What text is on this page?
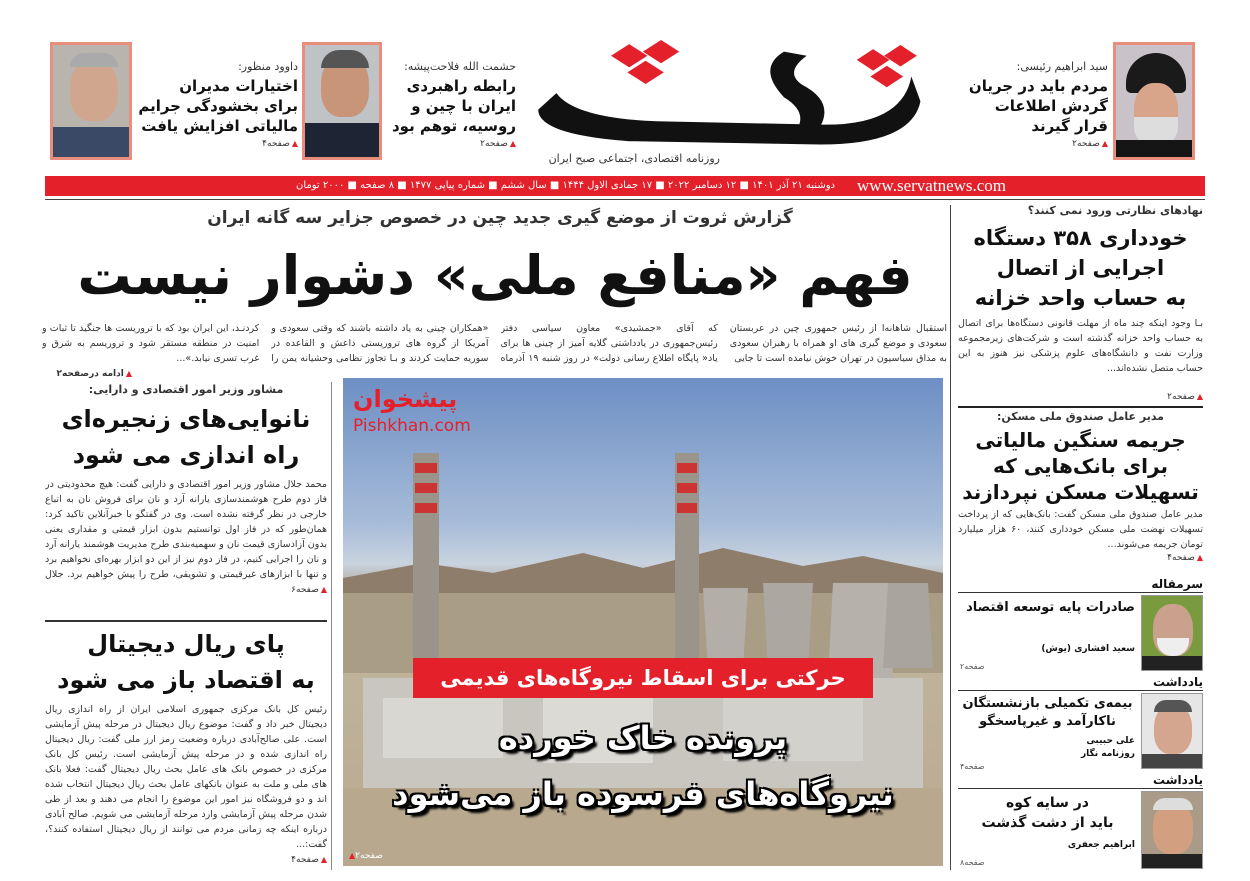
روزنامه اقتصادی، اجتماعی صبح ایران
سید ابراهیم رئیسی:
مردم باید در جریان
گردش اطلاعات
قرار گیرند
▲ صفحه۲
حشمت الله فلاحت‌پیشه:
رابطه راهبردی
ایران با چین و
روسیه، توهم بود
▲ صفحه۲
داوود منظور:
اختیارات مدیران
برای بخشودگی جرایم
مالیاتی افزایش یافت
▲ صفحه۴
www.servatnews.com
دوشنبه ۲۱ آذر ۱۴۰۱ ■ ۱۲ دسامبر ۲۰۲۲ ■ ۱۷ جمادی الاول ۱۴۴۴ ■ سال ششم ■ شماره پیاپی ۱۴۷۷ ■ ۸ صفحه ■ ۲۰۰۰ تومان
گزارش ثروت از موضع گیری جدید چین در خصوص جزایر سه گانه ایران
فهم «منافع ملی» دشوار نیست
استقبال شاهانه‌ا از رئیس جمهوری چین در عربستان سعودی و موضع گیری های او همراه با رهبران سعودی به مذاق سیاسیون در تهران خوش نیامده است تا جایی
که آقای «جمشیدی» معاون سیاسی دفتر رئیس‌جمهوری در یادداشتی گلایه آمیز از چینی ها برای یاد« پایگاه اطلاع رسانی دولت» در روز شنبه ۱۹ آذرماه
«همکاران چینی به یاد داشته باشند که وقتی سعودی و آمریکا از گروه های تروریستی داعش و القاعده در سوریه حمایت کردند و بـا تجاوز نظامی وحشیانه یمن را
کردنـد، این ایران بود که با تروریست ها جنگید تا ثبات و امنیت در منطقه مستقر شود و تروریسم به شرق و غرب تسری نیابد.»...
▲ ادامه درصفحه۲
مشاور وزیر امور اقتصادی و دارایی:
نانوایی‌های زنجیره‌ای
راه اندازی می شود
محمد جلال مشاور وزیر امور اقتصادی و دارایی گفت: هیچ محدودیتی در فاز دوم طرح هوشمندسازی یارانه آرد و نان برای فروش نان به اتباع خارجی در نظر گرفته نشده است. وی در گفتگو با خبرآنلاین تاکید کرد: همان‌طور که در فاز اول توانستیم بدون ابزار قیمتی و مقداری یعنی بدون آزادسازی قیمت نان و سهمیه‌بندی طرح مدیریت هوشمند یارانه آرد و نان را اجرایی کنیم، در فاز دوم نیز از این دو ابزار بهره‌ای نخواهیم برد و تنها با ابزارهای غیرقیمتی و تشویقی، طرح را پیش خواهیم برد. جلال
▲ صفحه۶
پای ریال دیجیتال
به اقتصاد باز می شود
رئیس کل بانک مرکزی جمهوری اسلامی ایران از راه اندازی ریال دیجیتال خبر داد و گفت: موضوع ریال دیجیتال در مرحله پیش آزمایشی است. علی صالح‌آبادی درباره وضعیت رمز ارز ملی گفت: ریال دیجیتال راه اندازی شده و در مرحله پیش آزمایشی است. رئیس کل بانک مرکزی در خصوص بانک های عامل بحث ریال دیجیتال گفت: فعلا بانک های ملی و ملت به عنوان بانکهای عامل بحث ریال دیجیتال انتخاب شده اند و دو فروشگاه نیز امور این موضوع را انجام می دهند و بعد از طی شدن مرحله پیش آزمایشی وارد مرحله آزمایشی می شویم. صالح آبادی درباره اینکه چه زمانی مردم می توانند از ریال دیجیتال استفاده کنند؟، گفت:...
▲ صفحه۴
حرکتی برای اسقاط نیروگاه‌های قدیمی
پرونده خاک خورده
نیروگاه‌های فرسوده باز می‌شود
▲ صفحه۲
پیشخوان
Pishkhan.com
نهادهای نظارتی ورود نمی کنند؟
خودداری ۳۵۸ دستگاه
اجرایی از اتصال
به حساب واحد خزانه
بـا وجود اینکه چند ماه از مهلت قانونی دستگاه‌ها برای اتصال به حساب واحد خزانه گذشته است و شرکت‌های زیرمجموعه وزارت نفت و دانشگاه‌های علوم پزشکی نیز هنوز به این حساب متصل نشده‌اند...
▲ صفحه۲
مدیر عامل صندوق ملی مسکن:
جریمه سنگین مالیاتی
برای بانک‌هایی که
تسهیلات مسکن نپردازند
مدیر عامل صندوق ملی مسکن گفت: بانک‌هایی که از پرداخت تسهیلات نهضت ملی مسکن خودداری کنند، ۶۰ هزار میلیارد تومان جریمه می‌شوند...
▲ صفحه۴
سرمقاله
صادرات پایه توسعه اقتصاد
سعید افشاری (یوش)
صفحه۲
یادداشت
بیمه‌ی تکمیلی بازنشستگان
ناکارآمد و غیرپاسخگو
علی حبیبی
روزنامه نگار
صفحه۴
یادداشت
در سایه کوه
باید از دشت گذشت
ابراهیم جعفری
صفحه۸
